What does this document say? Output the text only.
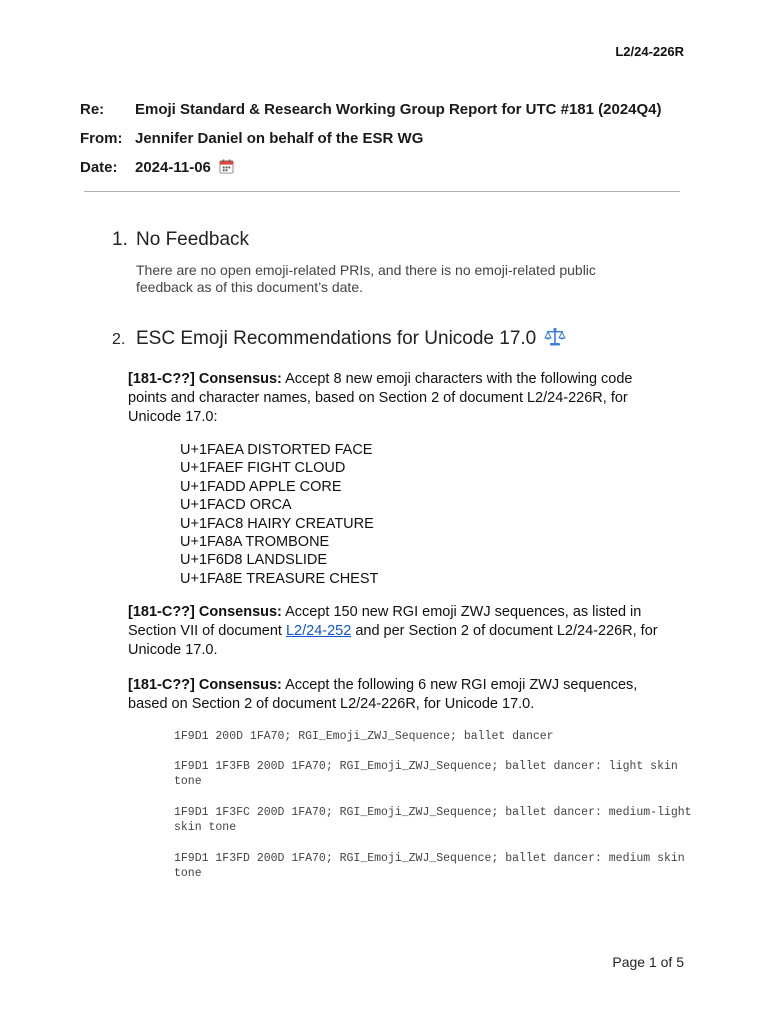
L2/24-226R
Re:	Emoji Standard & Research Working Group Report for UTC #181 (2024Q4)
From: Jennifer Daniel on behalf of the ESR WG
Date:	2024-11-06
1. No Feedback
There are no open emoji-related PRIs, and there is no emoji-related public feedback as of this document’s date.
2. ESC Emoji Recommendations for Unicode 17.0
[181-C??] Consensus: Accept 8 new emoji characters with the following code points and character names, based on Section 2 of document L2/24-226R, for Unicode 17.0:
U+1FAEA DISTORTED FACE
U+1FAEF FIGHT CLOUD
U+1FADD APPLE CORE
U+1FACD ORCA
U+1FAC8 HAIRY CREATURE
U+1FA8A TROMBONE
U+1F6D8 LANDSLIDE
U+1FA8E TREASURE CHEST
[181-C??] Consensus: Accept 150 new RGI emoji ZWJ sequences, as listed in Section VII of document L2/24-252 and per Section 2 of document L2/24-226R, for Unicode 17.0.
[181-C??] Consensus: Accept the following 6 new RGI emoji ZWJ sequences, based on Section 2 of document L2/24-226R, for Unicode 17.0.
1F9D1 200D 1FA70; RGI_Emoji_ZWJ_Sequence; ballet dancer
1F9D1 1F3FB 200D 1FA70; RGI_Emoji_ZWJ_Sequence; ballet dancer: light skin tone
1F9D1 1F3FC 200D 1FA70; RGI_Emoji_ZWJ_Sequence; ballet dancer: medium-light skin tone
1F9D1 1F3FD 200D 1FA70; RGI_Emoji_ZWJ_Sequence; ballet dancer: medium skin tone
Page 1 of 5
